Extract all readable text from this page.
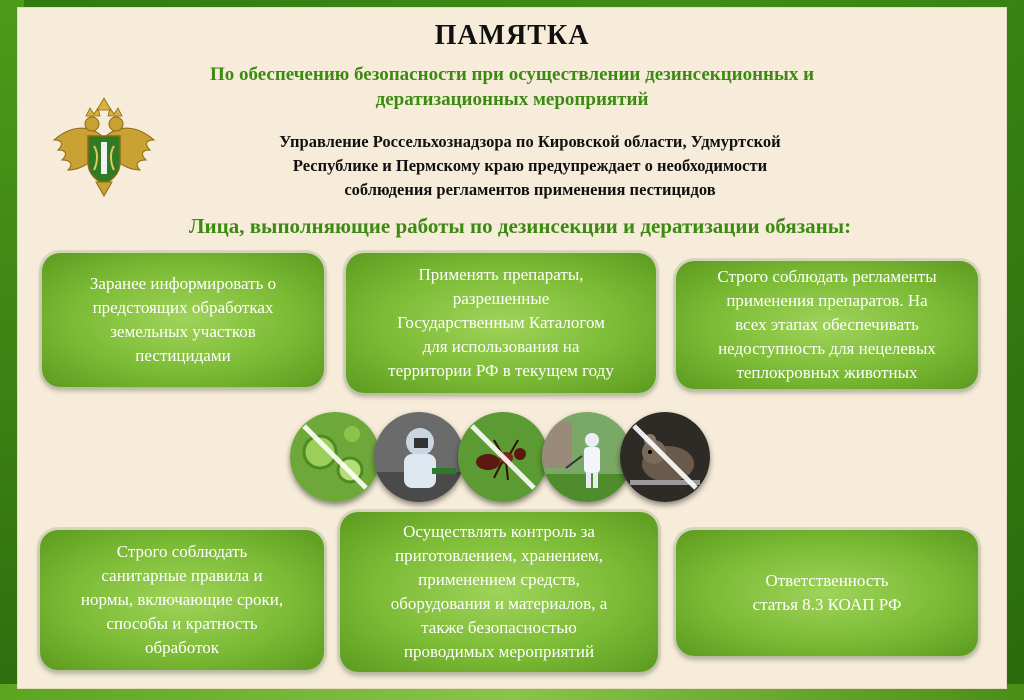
ПАМЯТКА
По обеспечению безопасности при осуществлении дезинсекционных и
дератизационных мероприятий
Управление Россельхознадзора по Кировской области, Удмуртской
Республике и Пермскому краю предупреждает о необходимости
соблюдения регламентов применения пестицидов
Лица, выполняющие работы по дезинсекции и дератизации обязаны:
Заранее информировать о
предстоящих обработках
земельных участков
пестицидами
Применять препараты,
разрешенные
Государственным Каталогом
для использования на
территории РФ в текущем году
Строго соблюдать регламенты
применения препаратов. На
всех этапах обеспечивать
недоступность для нецелевых
теплокровных животных
Строго соблюдать
санитарные правила и
нормы, включающие сроки,
способы и кратность
обработок
Осуществлять контроль за
приготовлением, хранением,
применением средств,
оборудования и материалов, а
также безопасностью
проводимых мероприятий
Ответственность
статья 8.3 КОАП РФ
